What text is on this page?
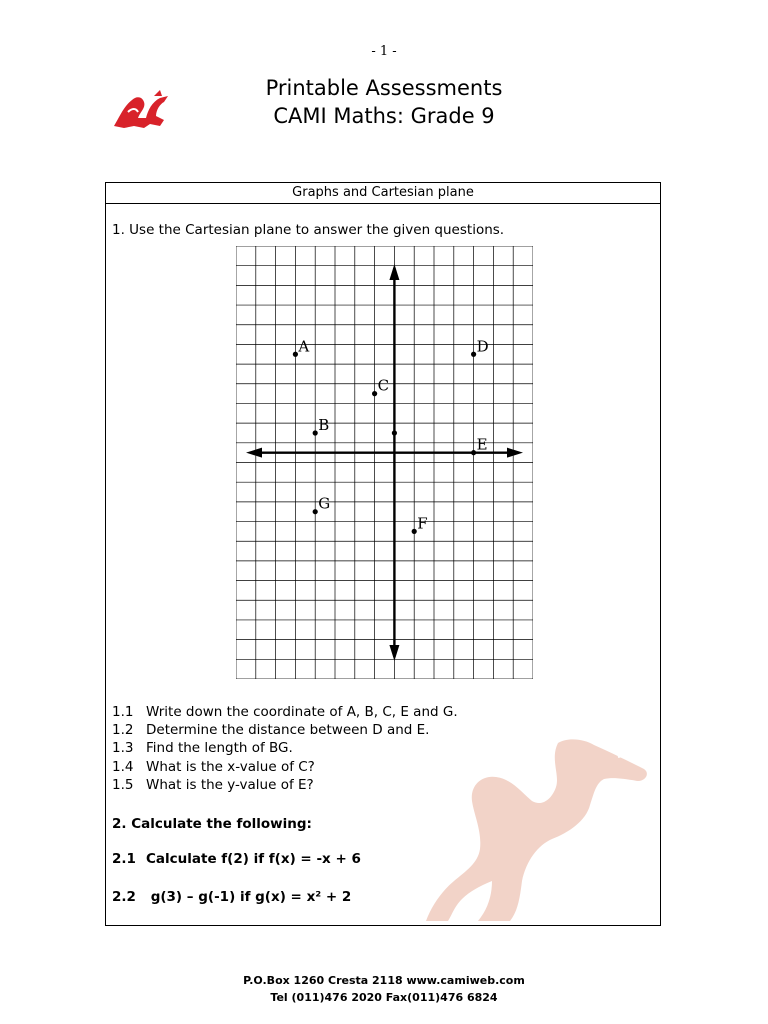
- 1 -
Printable Assessments
CAMI Maths: Grade 9
Graphs and Cartesian plane
1. Use the Cartesian plane to answer the given questions.
A
B
C
D
E
F
G
1.1 Write down the coordinate of A, B, C, E and G.
1.2 Determine the distance between D and E.
1.3 Find the length of BG.
1.4 What is the x-value of C?
1.5 What is the y-value of E?
2. Calculate the following:
2.1 Calculate f(2) if f(x) = -x + 6
2.2 g(3) – g(-1) if g(x) = x² + 2
P.O.Box 1260 Cresta 2118 www.camiweb.com
Tel (011)476 2020 Fax(011)476 6824
